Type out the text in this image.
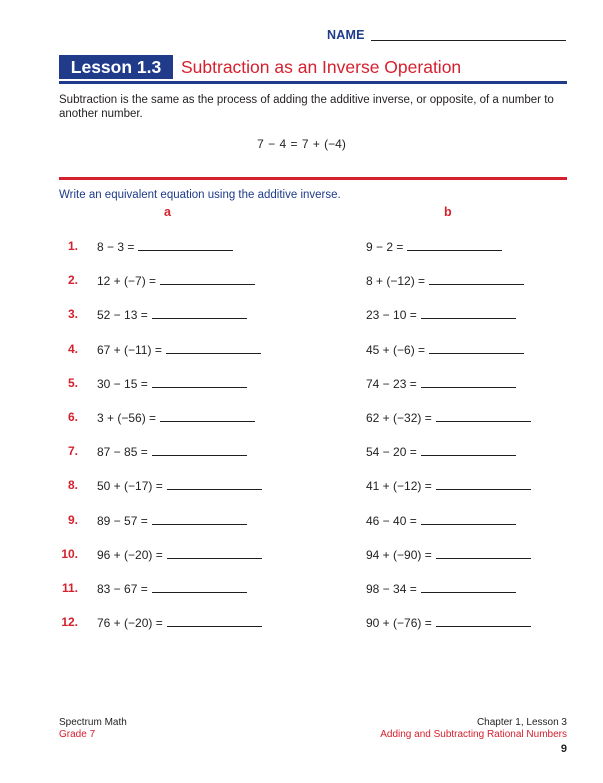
NAME
Lesson 1.3	Subtraction as an Inverse Operation
Subtraction is the same as the process of adding the additive inverse, or opposite, of a number to another number.
7 − 4 = 7 + (−4)
Write an equivalent equation using the additive inverse.
a	b
1. 8 − 3 =	9 − 2 =
2. 12 + (−7) =	8 + (−12) =
3. 52 − 13 =	23 − 10 =
4. 67 + (−11) =	45 + (−6) =
5. 30 − 15 =	74 − 23 =
6. 3 + (−56) =	62 + (−32) =
7. 87 − 85 =	54 − 20 =
8. 50 + (−17) =	41 + (−12) =
9. 89 − 57 =	46 − 40 =
10. 96 + (−20) =	94 + (−90) =
11. 83 − 67 =	98 − 34 =
12. 76 + (−20) =	90 + (−76) =
Spectrum Math
Grade 7
Chapter 1, Lesson 3
Adding and Subtracting Rational Numbers
9
